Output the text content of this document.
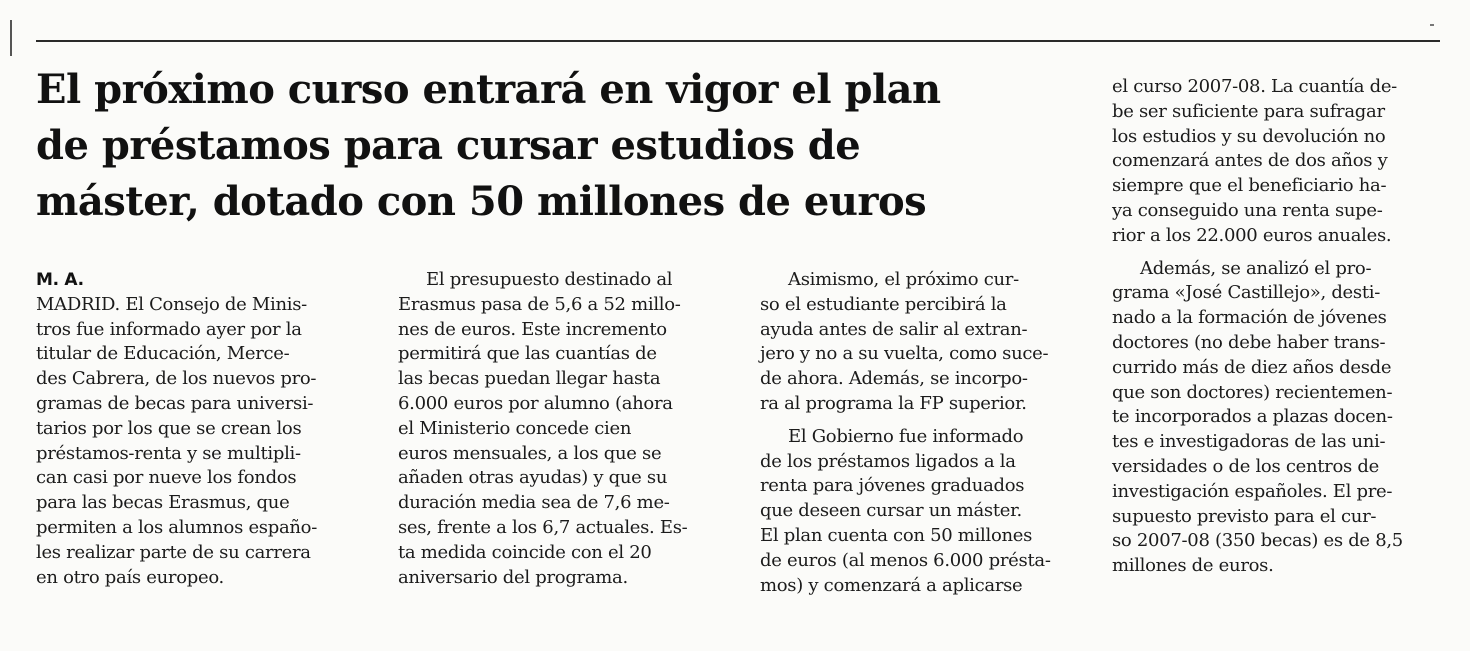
El próximo curso entrará en vigor el plan
de préstamos para cursar estudios de
máster, dotado con 50 millones de euros
M. A.
MADRID. El Consejo de Minis-
tros fue informado ayer por la
titular de Educación, Merce-
des Cabrera, de los nuevos pro-
gramas de becas para universi-
tarios por los que se crean los
préstamos-renta y se multipli-
can casi por nueve los fondos
para las becas Erasmus, que
permiten a los alumnos españo-
les realizar parte de su carrera
en otro país europeo.
El presupuesto destinado al
Erasmus pasa de 5,6 a 52 millo-
nes de euros. Este incremento
permitirá que las cuantías de
las becas puedan llegar hasta
6.000 euros por alumno (ahora
el Ministerio concede cien
euros mensuales, a los que se
añaden otras ayudas) y que su
duración media sea de 7,6 me-
ses, frente a los 6,7 actuales. Es-
ta medida coincide con el 20
aniversario del programa.
Asimismo, el próximo cur-
so el estudiante percibirá la
ayuda antes de salir al extran-
jero y no a su vuelta, como suce-
de ahora. Además, se incorpo-
ra al programa la FP superior.
El Gobierno fue informado
de los préstamos ligados a la
renta para jóvenes graduados
que deseen cursar un máster.
El plan cuenta con 50 millones
de euros (al menos 6.000 présta-
mos) y comenzará a aplicarse
el curso 2007-08. La cuantía de-
be ser suficiente para sufragar
los estudios y su devolución no
comenzará antes de dos años y
siempre que el beneficiario ha-
ya conseguido una renta supe-
rior a los 22.000 euros anuales.
Además, se analizó el pro-
grama «José Castillejo», desti-
nado a la formación de jóvenes
doctores (no debe haber trans-
currido más de diez años desde
que son doctores) recientemen-
te incorporados a plazas docen-
tes e investigadoras de las uni-
versidades o de los centros de
investigación españoles. El pre-
supuesto previsto para el cur-
so 2007-08 (350 becas) es de 8,5
millones de euros.
